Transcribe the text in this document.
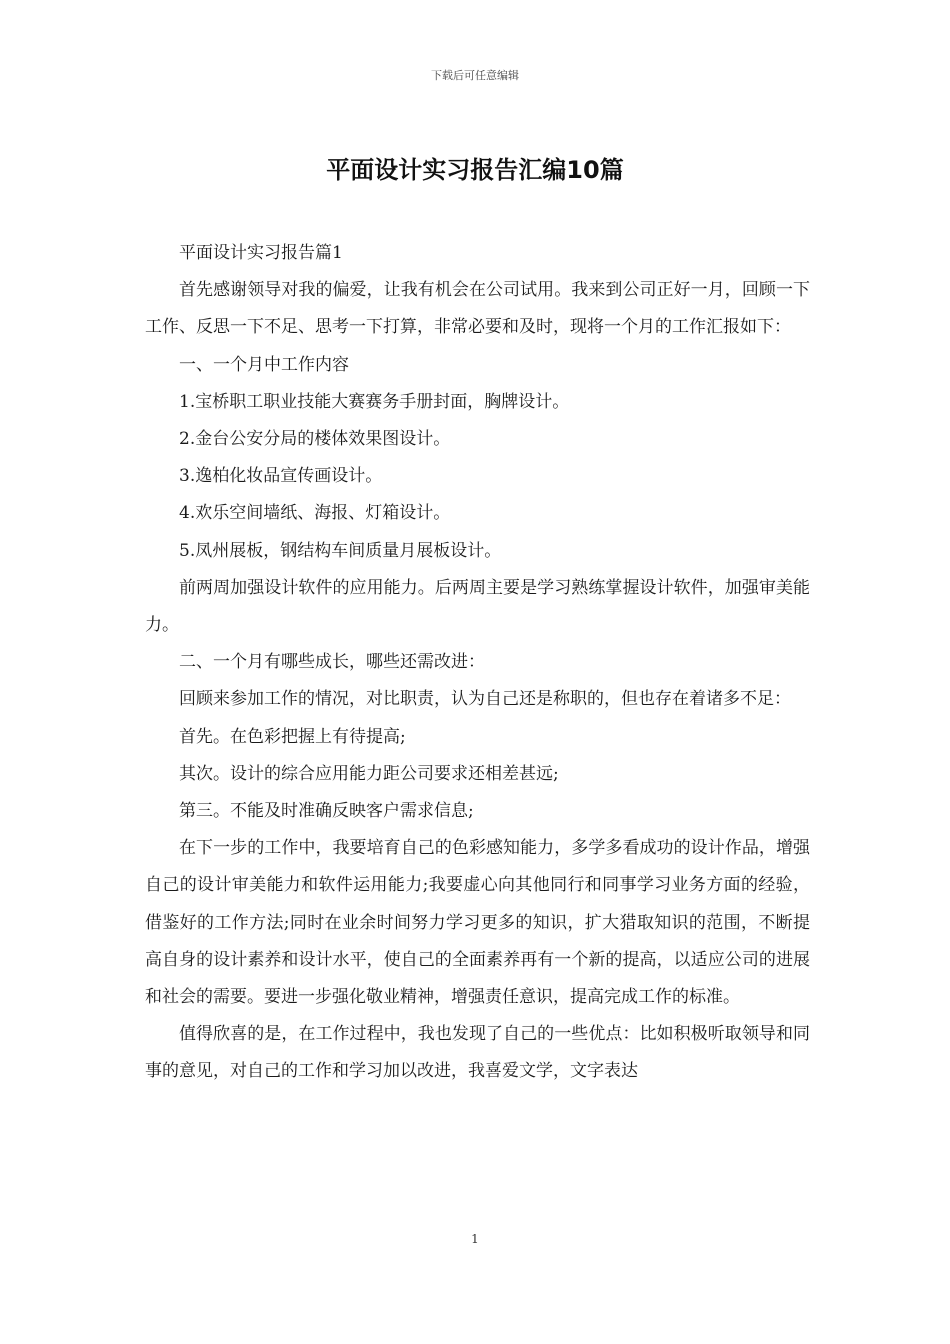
下载后可任意编辑
平面设计实习报告汇编10篇

平面设计实习报告篇1

首先感谢领导对我的偏爱，让我有机会在公司试用。我来到公司正好一月，回顾一下工作、反思一下不足、思考一下打算，非常必要和及时，现将一个月的工作汇报如下：

一、一个月中工作内容

1.宝桥职工职业技能大赛赛务手册封面，胸牌设计。

2.金台公安分局的楼体效果图设计。

3.逸柏化妆品宣传画设计。

4.欢乐空间墙纸、海报、灯箱设计。

5.凤州展板，钢结构车间质量月展板设计。

前两周加强设计软件的应用能力。后两周主要是学习熟练掌握设计软件，加强审美能力。

二、一个月有哪些成长，哪些还需改进：

回顾来参加工作的情况，对比职责，认为自己还是称职的，但也存在着诸多不足：

首先。在色彩把握上有待提高;

其次。设计的综合应用能力距公司要求还相差甚远;

第三。不能及时准确反映客户需求信息;

在下一步的工作中，我要培育自己的色彩感知能力，多学多看成功的设计作品，增强自己的设计审美能力和软件运用能力;我要虚心向其他同行和同事学习业务方面的经验，借鉴好的工作方法;同时在业余时间努力学习更多的知识，扩大猎取知识的范围，不断提高自身的设计素养和设计水平，使自己的全面素养再有一个新的提高，以适应公司的进展和社会的需要。要进一步强化敬业精神，增强责任意识，提高完成工作的标准。

值得欣喜的是，在工作过程中，我也发现了自己的一些优点：比如积极听取领导和同事的意见，对自己的工作和学习加以改进，我喜爱文学，文字表达

1
